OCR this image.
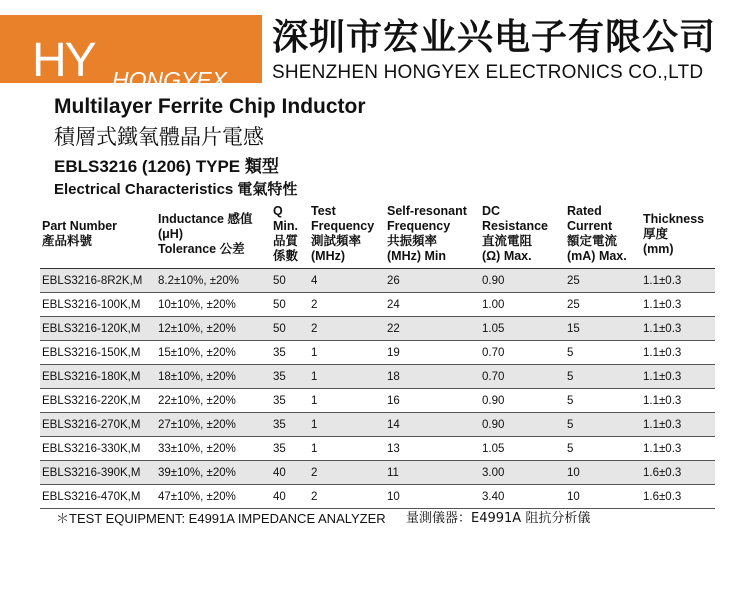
HY HONGYEX
深圳市宏业兴电子有限公司
SHENZHEN HONGYEX ELECTRONICS CO.,LTD
Multilayer Ferrite Chip Inductor
積層式鐵氧體晶片電感
EBLS3216 (1206) TYPE 類型
Electrical Characteristics 電氣特性
Part Number
產品料號	Inductance 感值
(μH)
Tolerance 公差	Q
Min.
品質
係數	Test
Frequency
測試頻率
(MHz)	Self-resonant
Frequency
共振頻率
(MHz) Min	DC
Resistance
直流電阻
(Ω) Max.	Rated
Current
額定電流
(mA) Max.	Thickness
厚度
(mm)

EBLS3216-8R2K,M	8.2±10%, ±20%	50	4	26	0.90	25	1.1±0.3
EBLS3216-100K,M	10±10%, ±20%	50	2	24	1.00	25	1.1±0.3
EBLS3216-120K,M	12±10%, ±20%	50	2	22	1.05	15	1.1±0.3
EBLS3216-150K,M	15±10%, ±20%	35	1	19	0.70	5	1.1±0.3
EBLS3216-180K,M	18±10%, ±20%	35	1	18	0.70	5	1.1±0.3
EBLS3216-220K,M	22±10%, ±20%	35	1	16	0.90	5	1.1±0.3
EBLS3216-270K,M	27±10%, ±20%	35	1	14	0.90	5	1.1±0.3
EBLS3216-330K,M	33±10%, ±20%	35	1	13	1.05	5	1.1±0.3
EBLS3216-390K,M	39±10%, ±20%	40	2	11	3.00	10	1.6±0.3
EBLS3216-470K,M	47±10%, ±20%	40	2	10	3.40	10	1.6±0.3
＊TEST EQUIPMENT: E4991A IMPEDANCE ANALYZER 量測儀器：E4991A 阻抗分析儀
